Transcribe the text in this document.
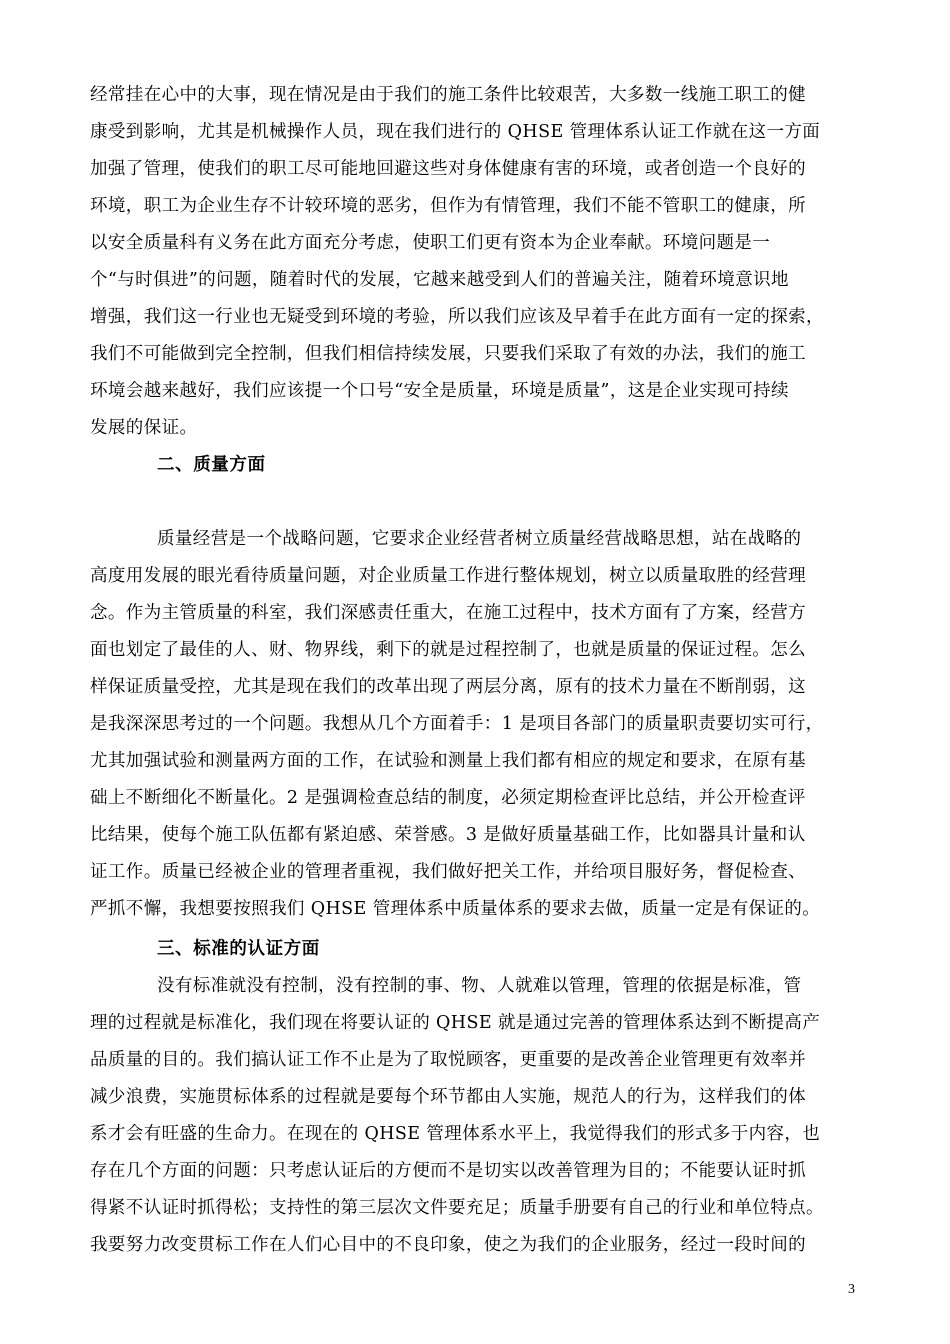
经常挂在心中的大事，现在情况是由于我们的施工条件比较艰苦，大多数一线施工职工的健
康受到影响，尤其是机械操作人员，现在我们进行的 QHSE 管理体系认证工作就在这一方面
加强了管理，使我们的职工尽可能地回避这些对身体健康有害的环境，或者创造一个良好的
环境，职工为企业生存不计较环境的恶劣，但作为有情管理，我们不能不管职工的健康，所
以安全质量科有义务在此方面充分考虑，使职工们更有资本为企业奉献。环境问题是一
个“与时俱进”的问题，随着时代的发展，它越来越受到人们的普遍关注，随着环境意识地
增强，我们这一行业也无疑受到环境的考验，所以我们应该及早着手在此方面有一定的探索，
我们不可能做到完全控制，但我们相信持续发展，只要我们采取了有效的办法，我们的施工
环境会越来越好，我们应该提一个口号“安全是质量，环境是质量”，这是企业实现可持续
发展的保证。
二、质量方面
质量经营是一个战略问题，它要求企业经营者树立质量经营战略思想，站在战略的
高度用发展的眼光看待质量问题，对企业质量工作进行整体规划，树立以质量取胜的经营理
念。作为主管质量的科室，我们深感责任重大，在施工过程中，技术方面有了方案，经营方
面也划定了最佳的人、财、物界线，剩下的就是过程控制了，也就是质量的保证过程。怎么
样保证质量受控，尤其是现在我们的改革出现了两层分离，原有的技术力量在不断削弱，这
是我深深思考过的一个问题。我想从几个方面着手：1 是项目各部门的质量职责要切实可行，
尤其加强试验和测量两方面的工作，在试验和测量上我们都有相应的规定和要求，在原有基
础上不断细化不断量化。2 是强调检查总结的制度，必须定期检查评比总结，并公开检查评
比结果，使每个施工队伍都有紧迫感、荣誉感。3 是做好质量基础工作，比如器具计量和认
证工作。质量已经被企业的管理者重视，我们做好把关工作，并给项目服好务，督促检查、
严抓不懈，我想要按照我们 QHSE 管理体系中质量体系的要求去做，质量一定是有保证的。
三、标准的认证方面
没有标准就没有控制，没有控制的事、物、人就难以管理，管理的依据是标准，管
理的过程就是标准化，我们现在将要认证的 QHSE 就是通过完善的管理体系达到不断提高产
品质量的目的。我们搞认证工作不止是为了取悦顾客，更重要的是改善企业管理更有效率并
减少浪费，实施贯标体系的过程就是要每个环节都由人实施，规范人的行为，这样我们的体
系才会有旺盛的生命力。在现在的 QHSE 管理体系水平上，我觉得我们的形式多于内容，也
存在几个方面的问题：只考虑认证后的方便而不是切实以改善管理为目的；不能要认证时抓
得紧不认证时抓得松；支持性的第三层次文件要充足；质量手册要有自己的行业和单位特点。
我要努力改变贯标工作在人们心目中的不良印象，使之为我们的企业服务，经过一段时间的
3
